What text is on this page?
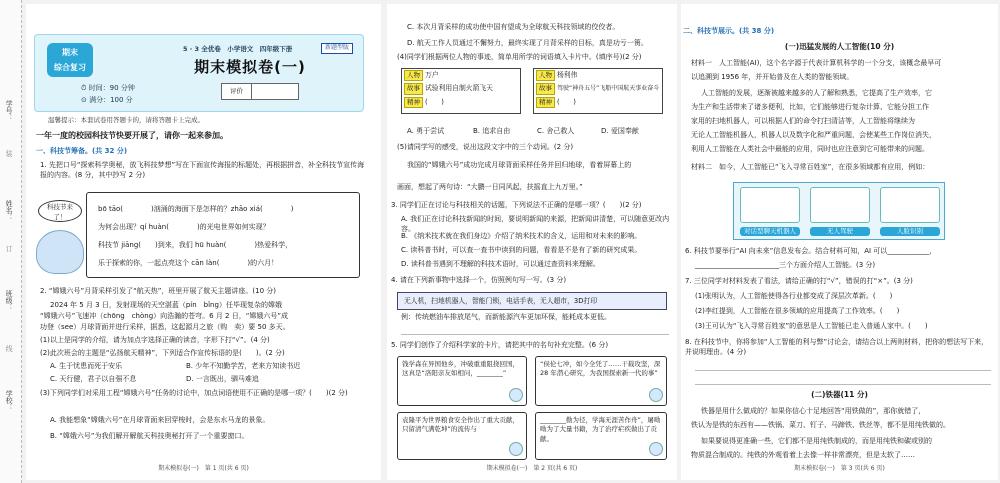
学号：
姓名：
班级：
学校：
装
订
线
期末
综合复习
5 · 3 全优卷　小学语文　四年级下册	新题型版
期末模拟卷(一)
⏱ 时间：90 分钟
⊙ 满分：100 分
评价
温馨提示：本套试卷用答题卡的，请将答题卡上完成。
一年一度的校园科技节快要开展了，请你一起来参加。
一、科技节筹备。(共 32 分)
1. 先把口号“探索科学奥秘，放飞科技梦想”写在下面宣传海报的标题处，再根据拼音，补全科技节宣传海报的内容。(8 分，其中抄写 2 分)
科技节来
了！
bō tāo(　　　　)汹涌的海面下是怎样的？zhāo xiá(　　　　)
为何会出现？qí huàn(　　　　)的光电世界如何实现？
科技节 jiāng(　　)到来，我们 hū huàn(　　　　)热爱科学，
乐于探索的你，一起点亮这个 cān làn(　　　　)的六月！
2. “嫦娥六号”月背采样引发了“航天热”，班里开展了航天主题讲座。(10 分)
2024 年 5 月 3 日，发射现场的天空湛蓝（pín　bǐng）任毕现复杂的嫦娥
“嫦娥六号”飞速冲（chōng　chòng）向浩瀚的苍穹。6 月 2 日，“嫦娥六号”成
功登（see）月球背面并进行采样，据悉，这起源月之旅（购　卖）要 50 多天。
(1)以上是同学的介绍，请为加点字选择正确的读音，字形下打“√”。(4 分)
(2)此次班会的主题是“弘扬航天精神”，下列适合作宣传标语的是(　　)。(2 分)
A. 生于忧患而死于安乐	B. 少年不知勤学苦，老来方知读书迟
C. 天行健，君子以自强不息	D. 一言既出，驷马难追
(3)下列同学们对采用工程“嫦娥六号”任务的讨论中，加点词语使用不正确的是哪一项？(　　)(2 分)
A. 我能想象“嫦娥六号”在月球背面来回穿梭时，会是东水马龙的景象。
B. “嫦娥六号”为我们解开解航天科技奥秘打开了一个重要窗口。
期末模拟卷(一)　第 1 页(共 6 页)
C. 本次月背采样的成功使中国有望成为全球航天科技领域的佼佼者。
D. 航天工作人员通过不懈努力，最终实现了月背采样的目标，真是功亏一篑。
(4)同学们根据两位人物的事迹，简单用所学的词语填入卡片中。(填序号)(2 分)
人物 万户
故事 试验利用自制火箭飞天
精神 (　　)
人物 杨利伟
故事 驾驶“神舟五号”飞船中国航天事业奋斗
精神 (　　)
A. 勇于尝试	B. 追求自由	C. 舍己救人	D. 爱国奉献
(5)请同学写的感受，说出这段文字中的三个动词。(2 分)
我国的“嫦娥六号”成功完成月球背面采样任务并回归地球，看着屏幕上的
画面，想起了两句诗：“大鹏一日同风起，扶摇直上九万里。”
3. 同学们正在讨论与科技相关的话题，下列说法不正确的是哪一项？(　　)(2 分)
A. 我们正在讨论科技新闻的时间，要说明新闻的来源，把新闻讲清楚，可以随意更改内容。
B. 《纳米技术就在我们身边》介绍了纳米技术的含义，运用和对未来的影响。
C. 读科普书时，可以查一查书中读到的问题，看看是不是有了新的研究成果。
D. 读科普书遇到不理解的科技术语时，可以通过查资料来理解。
4. 请在下列新事物中选择一个，仿照例句写一写。(3 分)
无人机，扫地机器人，智能门锁，电话手表，无人超市，3D打印
例：传统燃油车排放尾气，而新能源汽车更加环保，能耗成本更低。
5. 同学们创作了介绍科学家的卡片，请把其中的名句补充完整。(6 分)
钱学森在异国他乡，冲破重重阻挠回国，这真是“洛阳亲友如相问，________”
“侯伦七冲，如今全凭了……干载攻坚，深 28 年潜心研究，为我国探索新一代的事”
袁隆平为世界粮食安全作出了重大贡献，只留清气满乾坤”的流传与
________勤为径，学海无涯苦作舟”，屠呦呦为了大量书籍，为了治疗疟疾做出了贡献。
期末模拟卷(一)　第 2 页(共 6 页)
二、科技节展示。(共 38 分)
(一)迅猛发展的人工智能(10 分)
材料一　人工智能(AI)，这个名字源于代表计算机科学的一个分支，该概念最早可
以追溯到 1956 年，并开始普及在人类的智能领域。
人工智能的发展，逐渐被越来越多的人了解和熟悉，它提高了生产效率，它
为生产和生活带来了诸多便利，比如，它们能够进行复杂计算、它能分担工作
家用的扫地机器人，可以根据人们的命令打扫清洁等，人工智能将继续为
无论人工智能机器人，机器人以及数字化和严重问题，会使某些工作岗位消失，
利用人工智能在人类社会中最能的应用，同时也应注意到它可能带来的问题。
材料二　如今，人工智能已“飞入寻常百姓家”，在很多领域都有应用，例如：
对话型聊天机器人	无人驾驶	人脸识别
6. 科技节要举行“AI 向未来”信息发布会。结合材料可知，AI 可以____________，
________________________三个方面介绍人工智能。(3 分)
7. 三位同学对材料发表了看法，请给正确的打“√”，错误的打“×”。(3 分)
(1)张明认为，人工智能使得各行业都变成了深层次革新。(　　)
(2)李红提到，人工智能在很多领域的应用提高了工作效率。(　　)
(3)王可认为“飞入寻常百姓家”的意思是人工智能已走入普通人家中。(　　)
8. 在科技节中，你将参加“人工智能的利与弊”讨论会，请结合以上两则材料，把你的想法写下来，并说明理由。(4 分)
(二)铁器(11 分)
铁器是用什么做成的？如果你信心十足地回答“用铁做的”，那你就错了，
铁认为是铁的东西有——铁锅、菜刀、钉子、马蹄铁、铁丝等，都不是用纯铁做的。
如果要说得更准确一些，它们都不是用纯铁制成的，而是用纯铁和碳或别的
物质混合制成的。纯铁的外观看着上去像一样非常漂亮，但是太软了……
期末模拟卷(一)　第 3 页(共 6 页)
